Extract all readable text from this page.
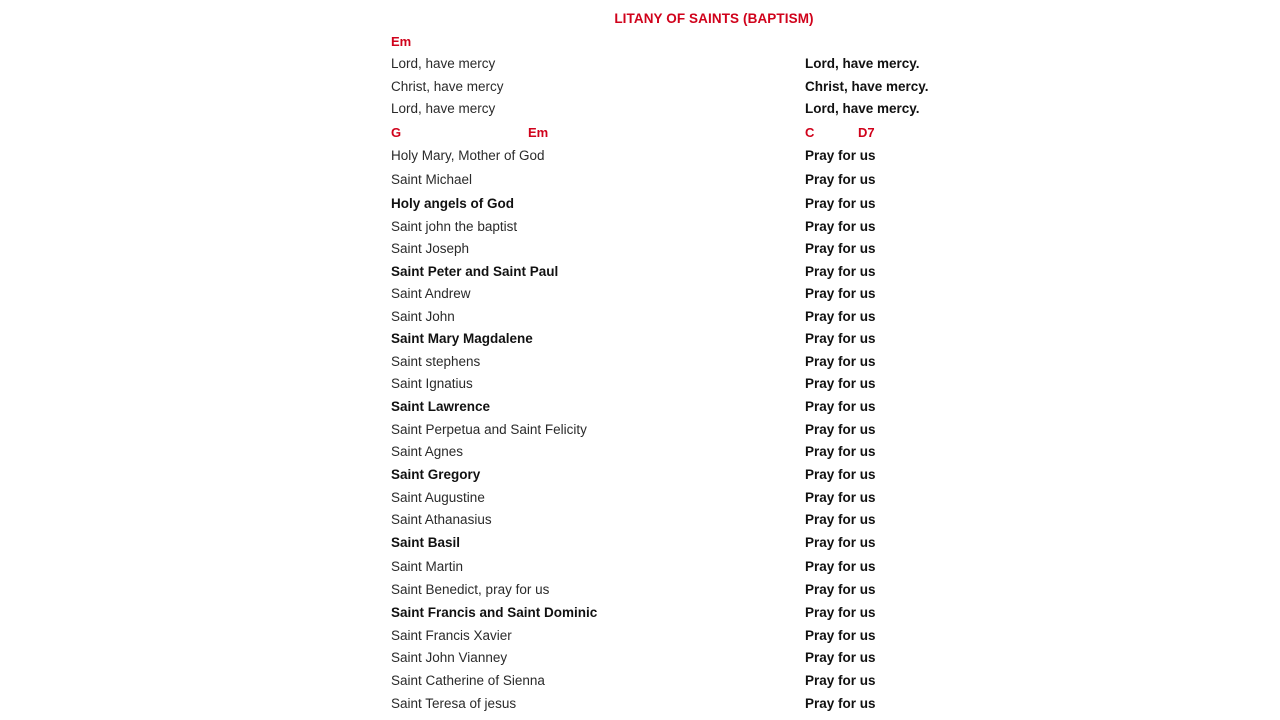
LITANY OF SAINTS (BAPTISM)
Em
Lord, have mercy	Lord, have mercy.
Christ, have mercy	Christ, have mercy.
Lord, have mercy	Lord, have mercy.
G	Em	C	D7
Holy Mary, Mother of God	Pray for us
Saint Michael	Pray for us
Holy angels of God	Pray for us
Saint john the baptist	Pray for us
Saint Joseph	Pray for us
Saint Peter and Saint Paul	Pray for us
Saint Andrew	Pray for us
Saint John	Pray for us
Saint Mary Magdalene	Pray for us
Saint stephens	Pray for us
Saint Ignatius	Pray for us
Saint Lawrence	Pray for us
Saint Perpetua and Saint Felicity	Pray for us
Saint Agnes	Pray for us
Saint Gregory	Pray for us
Saint Augustine	Pray for us
Saint Athanasius	Pray for us
Saint Basil	Pray for us
Saint Martin	Pray for us
Saint Benedict, pray for us	Pray for us
Saint Francis and Saint Dominic	Pray for us
Saint Francis Xavier	Pray for us
Saint John Vianney	Pray for us
Saint Catherine of Sienna	Pray for us
Saint Teresa of jesus	Pray for us
